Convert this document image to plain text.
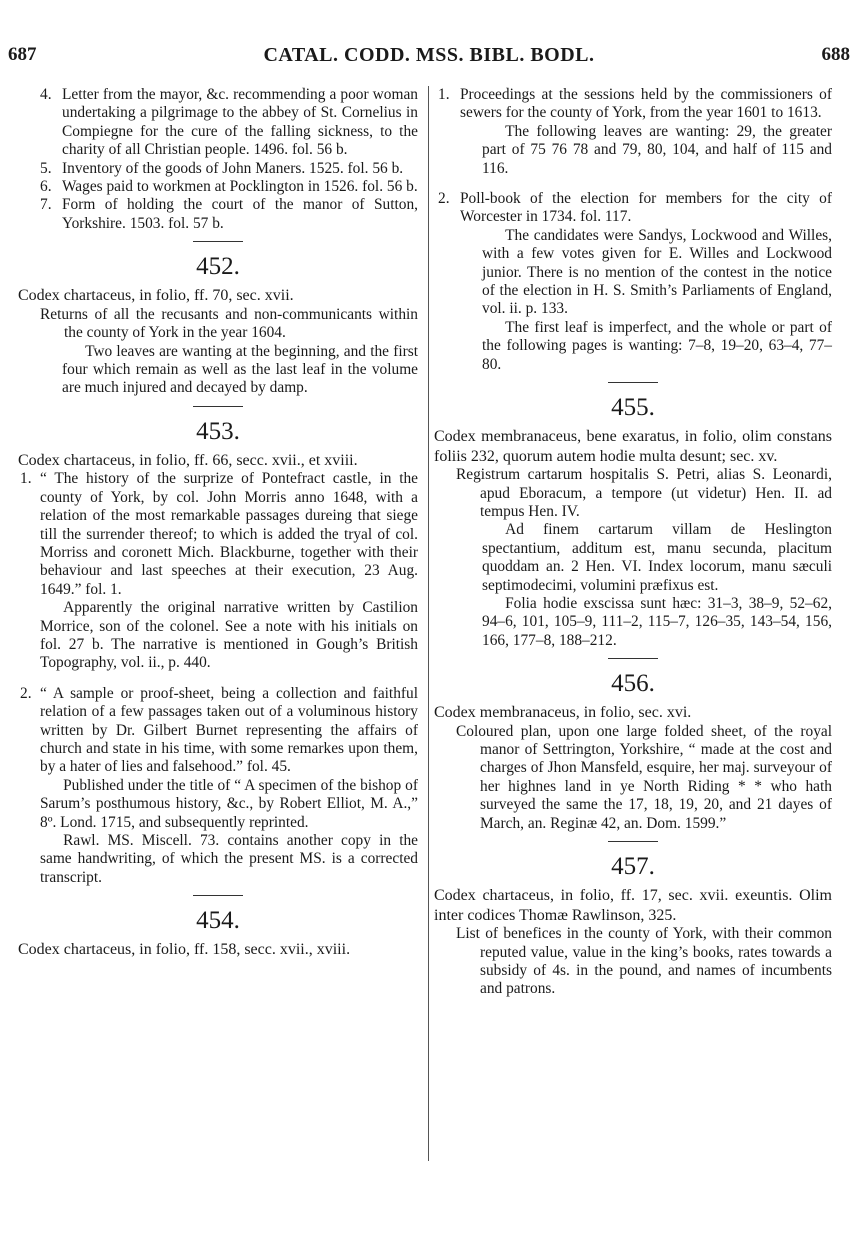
687	CATAL. CODD. MSS. BIBL. BODL.	688
4. Letter from the mayor, &c. recommending a poor woman undertaking a pilgrimage to the abbey of St. Cornelius in Compiegne for the cure of the falling sickness, to the charity of all Christian people. 1496. fol. 56 b.
5. Inventory of the goods of John Maners. 1525. fol. 56 b.
6. Wages paid to workmen at Pocklington in 1526. fol. 56 b.
7. Form of holding the court of the manor of Sutton, Yorkshire. 1503. fol. 57 b.
452.
Codex chartaceus, in folio, ff. 70, sec. xvii.
Returns of all the recusants and non-communicants within the county of York in the year 1604.
Two leaves are wanting at the beginning, and the first four which remain as well as the last leaf in the volume are much injured and decayed by damp.
453.
Codex chartaceus, in folio, ff. 66, secc. xvii., et xviii.
1. “ The history of the surprize of Pontefract castle, in the county of York, by col. John Morris anno 1648, with a relation of the most remarkable passages dureing that siege till the surrender thereof; to which is added the tryal of col. Morriss and coronett Mich. Blackburne, together with their behaviour and last speeches at their execution, 23 Aug. 1649.” fol. 1.
Apparently the original narrative written by Castilion Morrice, son of the colonel. See a note with his initials on fol. 27 b. The narrative is mentioned in Gough’s British Topography, vol. ii., p. 440.
2. “ A sample or proof-sheet, being a collection and faithful relation of a few passages taken out of a voluminous history written by Dr. Gilbert Burnet representing the affairs of church and state in his time, with some remarkes upon them, by a hater of lies and falsehood.” fol. 45.
Published under the title of “ A specimen of the bishop of Sarum’s posthumous history, &c., by Robert Elliot, M. A.,” 8º. Lond. 1715, and subsequently reprinted.
Rawl. MS. Miscell. 73. contains another copy in the same handwriting, of which the present MS. is a corrected transcript.
454.
Codex chartaceus, in folio, ff. 158, secc. xvii., xviii.
1. Proceedings at the sessions held by the commissioners of sewers for the county of York, from the year 1601 to 1613.
The following leaves are wanting: 29, the greater part of 75 76 78 and 79, 80, 104, and half of 115 and 116.
2. Poll-book of the election for members for the city of Worcester in 1734. fol. 117.
The candidates were Sandys, Lockwood and Willes, with a few votes given for E. Willes and Lockwood junior. There is no mention of the contest in the notice of the election in H. S. Smith’s Parliaments of England, vol. ii. p. 133.
The first leaf is imperfect, and the whole or part of the following pages is wanting: 7–8, 19–20, 63–4, 77–80.
455.
Codex membranaceus, bene exaratus, in folio, olim constans foliis 232, quorum autem hodie multa desunt; sec. xv.
Registrum cartarum hospitalis S. Petri, alias S. Leonardi, apud Eboracum, a tempore (ut videtur) Hen. II. ad tempus Hen. IV.
Ad finem cartarum villam de Heslington spectantium, additum est, manu secunda, placitum quoddam an. 2 Hen. VI. Index locorum, manu sæculi septimodecimi, volumini præfixus est.
Folia hodie exscissa sunt hæc: 31–3, 38–9, 52–62, 94–6, 101, 105–9, 111–2, 115–7, 126–35, 143–54, 156, 166, 177–8, 188–212.
456.
Codex membranaceus, in folio, sec. xvi.
Coloured plan, upon one large folded sheet, of the royal manor of Settrington, Yorkshire, “ made at the cost and charges of Jhon Mansfeld, esquire, her maj. surveyour of her highnes land in ye North Riding * * who hath surveyed the same the 17, 18, 19, 20, and 21 dayes of March, an. Reginæ 42, an. Dom. 1599.”
457.
Codex chartaceus, in folio, ff. 17, sec. xvii. exeuntis. Olim inter codices Thomæ Rawlinson, 325.
List of benefices in the county of York, with their common reputed value, value in the king’s books, rates towards a subsidy of 4s. in the pound, and names of incumbents and patrons.
